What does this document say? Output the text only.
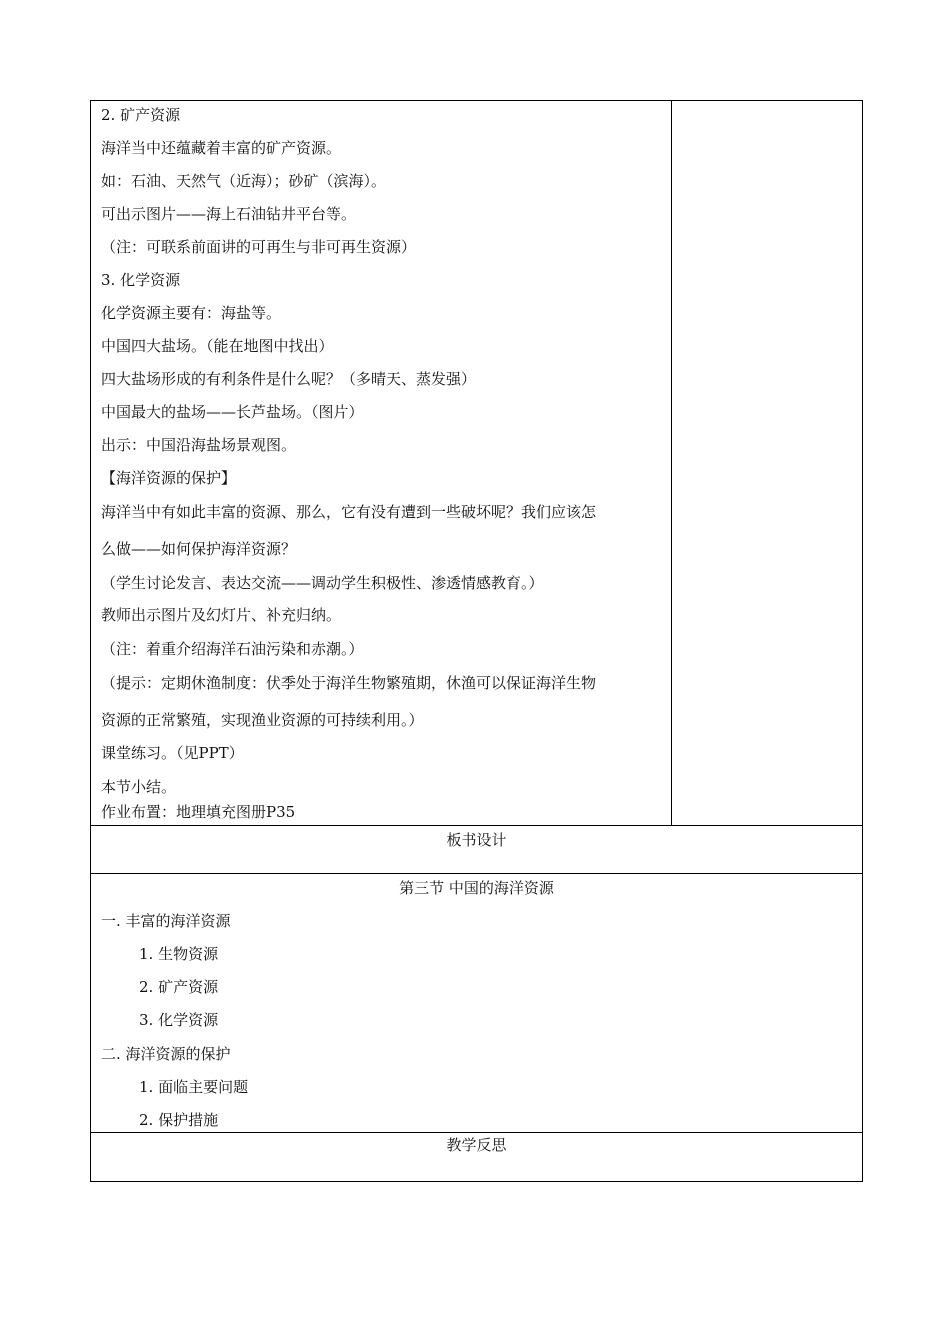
2. 矿产资源
海洋当中还蕴藏着丰富的矿产资源。
如：石油、天然气（近海）；砂矿（滨海）。
可出示图片——海上石油钻井平台等。
（注：可联系前面讲的可再生与非可再生资源）
3. 化学资源
化学资源主要有：海盐等。
中国四大盐场。（能在地图中找出）
四大盐场形成的有利条件是什么呢？（多晴天、蒸发强）
中国最大的盐场——长芦盐场。（图片）
出示：中国沿海盐场景观图。
【海洋资源的保护】
海洋当中有如此丰富的资源、那么，它有没有遭到一些破坏呢？我们应该怎
么做——如何保护海洋资源？
（学生讨论发言、表达交流——调动学生积极性、渗透情感教育。）
教师出示图片及幻灯片、补充归纳。
（注：着重介绍海洋石油污染和赤潮。）
（提示：定期休渔制度：伏季处于海洋生物繁殖期，休渔可以保证海洋生物
资源的正常繁殖，实现渔业资源的可持续利用。）
课堂练习。（见PPT）
本节小结。
作业布置：地理填充图册P35
板书设计
第三节 中国的海洋资源
一. 丰富的海洋资源
1. 生物资源
2. 矿产资源
3. 化学资源
二. 海洋资源的保护
1. 面临主要问题
2. 保护措施
教学反思
